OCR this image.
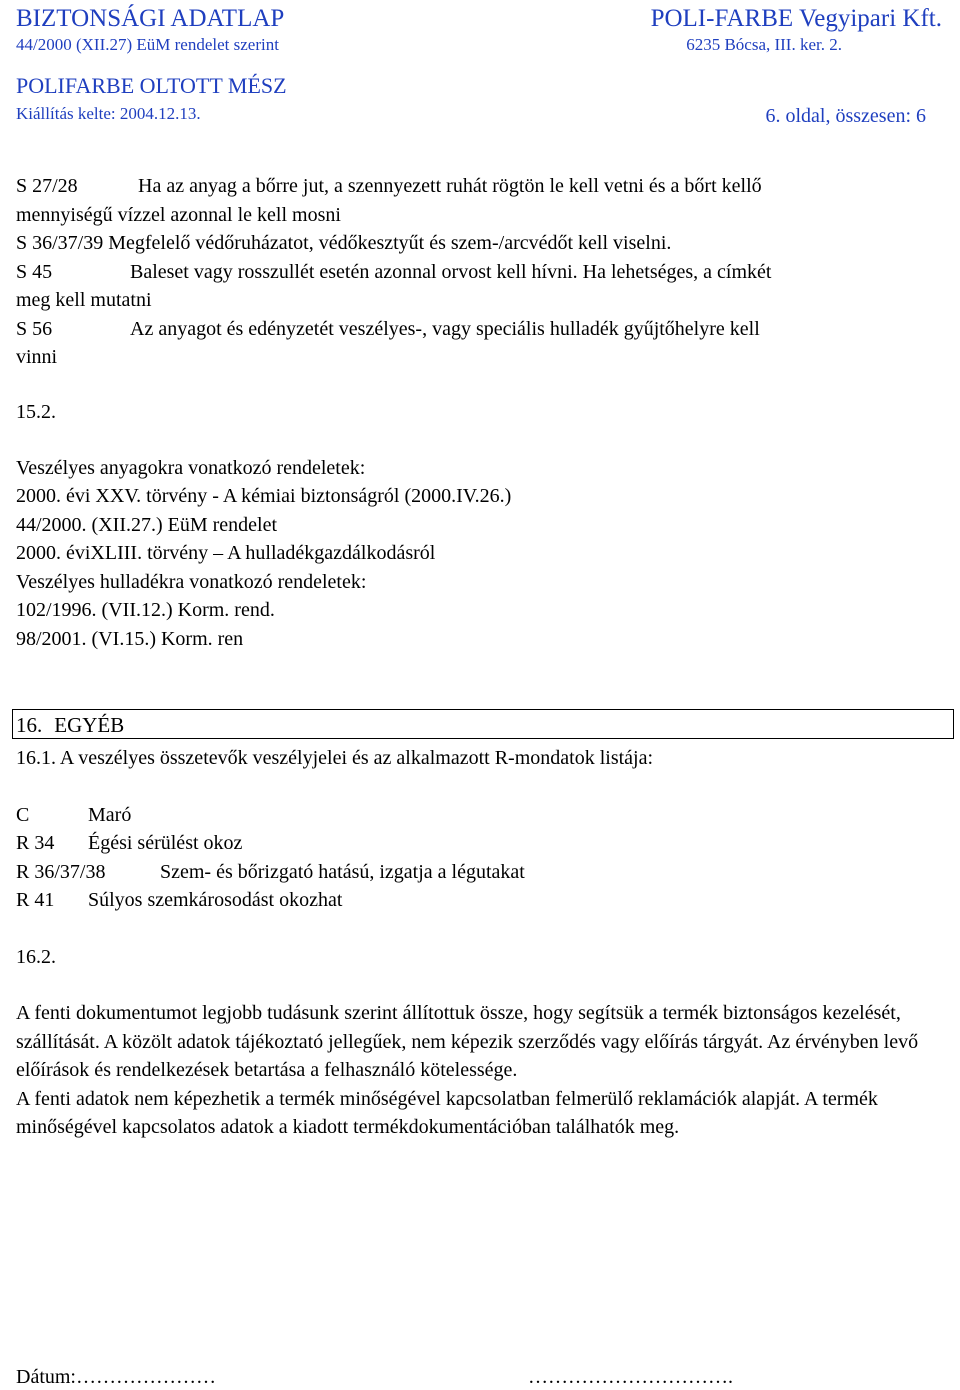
BIZTONSÁGI ADATLAP	POLI-FARBE Vegyipari Kft.
44/2000 (XII.27) EüM rendelet szerint	6235 Bócsa, III. ker. 2.
POLIFARBE OLTOTT MÉSZ
Kiállítás kelte: 2004.12.13.	6. oldal, összesen: 6
S 27/28	Ha az anyag a bőrre jut, a szennyezett ruhát rögtön le kell vetni és a bőrt kellő
mennyiségű vízzel azonnal le kell mosni
S 36/37/39 Megfelelő védőruházatot, védőkesztyűt és szem-/arcvédőt kell viselni.
S 45	Baleset vagy rosszullét esetén azonnal orvost kell hívni. Ha lehetséges, a címkét
meg kell mutatni
S 56	Az anyagot és edényzetét veszélyes-, vagy speciális hulladék gyűjtőhelyre kell
vinni
15.2.
Veszélyes anyagokra vonatkozó rendeletek:
2000. évi XXV. törvény - A kémiai biztonságról (2000.IV.26.)
44/2000. (XII.27.) EüM rendelet
2000. éviXLIII. törvény – A hulladékgazdálkodásról
Veszélyes hulladékra vonatkozó rendeletek:
102/1996. (VII.12.) Korm. rend.
98/2001. (VI.15.) Korm. ren
16. EGYÉB
16.1. A veszélyes összetevők veszélyjelei és az alkalmazott R-mondatok listája:
C	Maró
R 34	Égési sérülést okoz
R 36/37/38	Szem- és bőrizgató hatású, izgatja a légutakat
R 41	Súlyos szemkárosodást okozhat
16.2.

A fenti dokumentumot legjobb tudásunk szerint állítottuk össze, hogy segítsük a termék biztonságos kezelését, szállítását. A közölt adatok tájékoztató jellegűek, nem képezik szerződés vagy előírás tárgyát. Az érvényben levő előírások és rendelkezések betartása a felhasználó kötelessége.

A fenti adatok nem képezhetik a termék minőségével kapcsolatban felmerülő reklamációk alapját. A termék minőségével kapcsolatos adatok a kiadott termékdokumentációban találhatók meg.

Dátum:…………………	………………………….
